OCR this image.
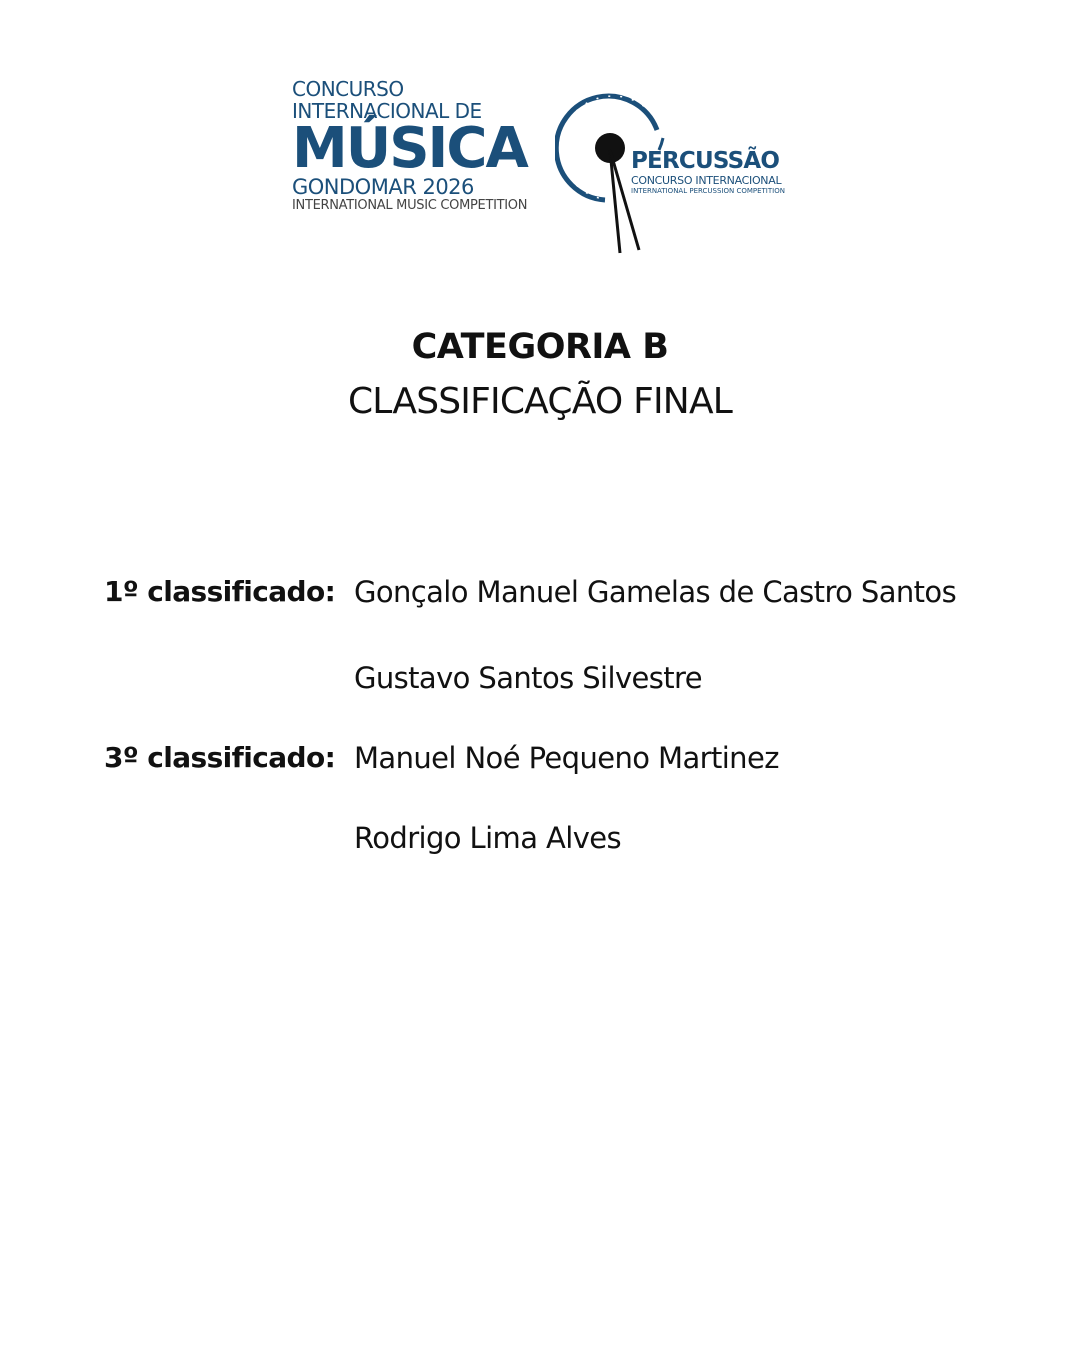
CONCURSO
INTERNACIONAL DE
MÚSICA
GONDOMAR 2026
INTERNATIONAL MUSIC COMPETITION
PERCUSSÃO
CONCURSO INTERNACIONAL
INTERNATIONAL PERCUSSION COMPETITION
CATEGORIA B
CLASSIFICAÇÃO FINAL
1º classificado: Gonçalo Manuel Gamelas de Castro Santos
Gustavo Santos Silvestre
3º classificado: Manuel Noé Pequeno Martinez
Rodrigo Lima Alves
